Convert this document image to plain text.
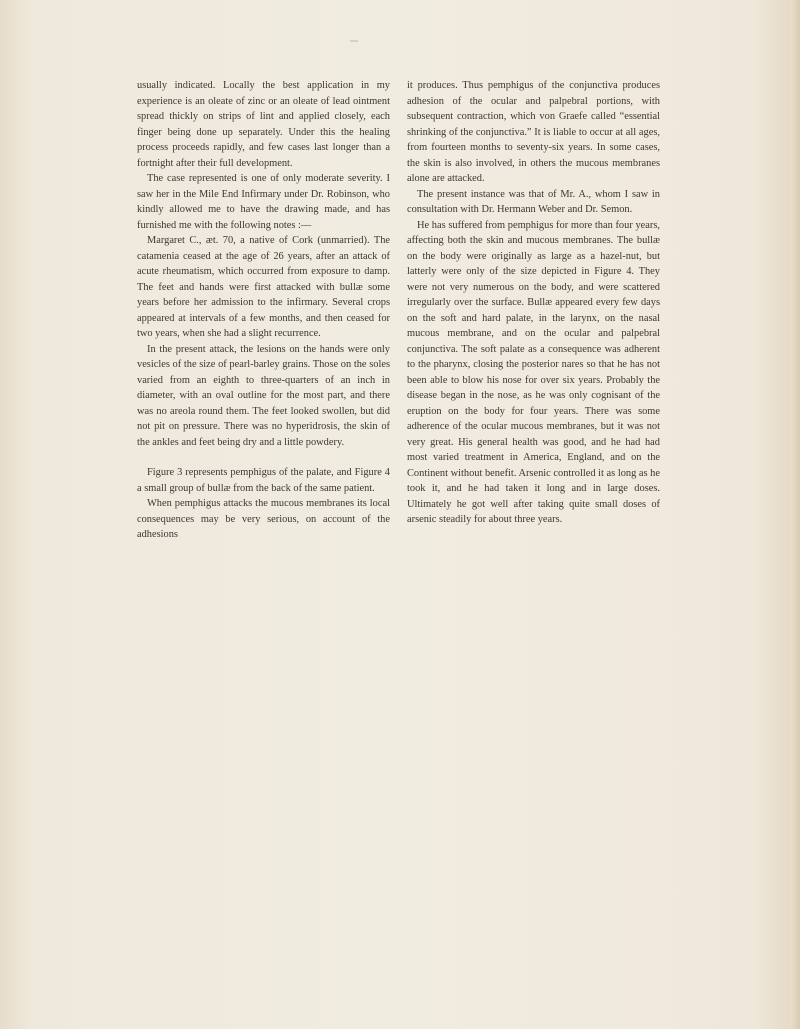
usually indicated. Locally the best application in my experience is an oleate of zinc or an oleate of lead ointment spread thickly on strips of lint and applied closely, each finger being done up separately. Under this the healing process proceeds rapidly, and few cases last longer than a fortnight after their full development.

The case represented is one of only moderate severity. I saw her in the Mile End Infirmary under Dr. Robinson, who kindly allowed me to have the drawing made, and has furnished me with the following notes :—

Margaret C., æt. 70, a native of Cork (unmarried). The catamenia ceased at the age of 26 years, after an attack of acute rheumatism, which occurred from exposure to damp. The feet and hands were first attacked with bullæ some years before her admission to the infirmary. Several crops appeared at intervals of a few months, and then ceased for two years, when she had a slight recurrence.

In the present attack, the lesions on the hands were only vesicles of the size of pearl-barley grains. Those on the soles varied from an eighth to three-quarters of an inch in diameter, with an oval outline for the most part, and there was no areola round them. The feet looked swollen, but did not pit on pressure. There was no hyperidrosis, the skin of the ankles and feet being dry and a little powdery.

Figure 3 represents pemphigus of the palate, and Figure 4 a small group of bullæ from the back of the same patient.

When pemphigus attacks the mucous membranes its local consequences may be very serious, on account of the adhesions

it produces. Thus pemphigus of the conjunctiva produces adhesion of the ocular and palpebral portions, with subsequent contraction, which von Graefe called “essential shrinking of the conjunctiva.” It is liable to occur at all ages, from fourteen months to seventy-six years. In some cases, the skin is also involved, in others the mucous membranes alone are attacked.

The present instance was that of Mr. A., whom I saw in consultation with Dr. Hermann Weber and Dr. Semon.

He has suffered from pemphigus for more than four years, affecting both the skin and mucous membranes. The bullæ on the body were originally as large as a hazel-nut, but latterly were only of the size depicted in Figure 4. They were not very numerous on the body, and were scattered irregularly over the surface. Bullæ appeared every few days on the soft and hard palate, in the larynx, on the nasal mucous membrane, and on the ocular and palpebral conjunctiva. The soft palate as a consequence was adherent to the pharynx, closing the posterior nares so that he has not been able to blow his nose for over six years. Probably the disease began in the nose, as he was only cognisant of the eruption on the body for four years. There was some adherence of the ocular mucous membranes, but it was not very great. His general health was good, and he had had most varied treatment in America, England, and on the Continent without benefit. Arsenic controlled it as long as he took it, and he had taken it long and in large doses. Ultimately he got well after taking quite small doses of arsenic steadily for about three years.
